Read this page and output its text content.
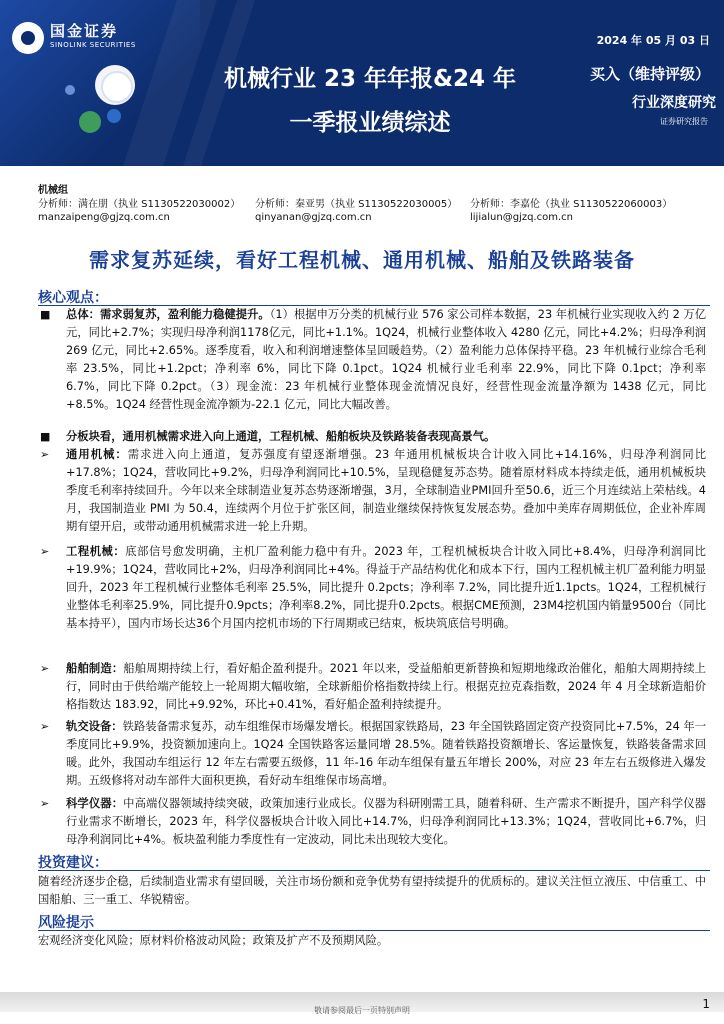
国金证券
SINOLINK SECURITIES
机械行业 23 年年报&24 年
一季报业绩综述
2024 年 05 月 03 日
买入（维持评级）
行业深度研究
证券研究报告
机械组
分析师：满在朋（执业 S1130522030002） 分析师：秦亚男（执业 S1130522030005） 分析师：李嘉伦（执业 S1130522060003）
manzaipeng@gjzq.com.cn	qinyanan@gjzq.com.cn	lijialun@gjzq.com.cn
需求复苏延续，看好工程机械、通用机械、船舶及铁路装备
核心观点：
■ 总体：需求弱复苏，盈利能力稳健提升。（1）根据申万分类的机械行业 576 家公司样本数据，23 年机械行业实现收入约 2 万亿元，同比+2.7%；实现归母净利润1178亿元，同比+1.1%。1Q24，机械行业整体收入 4280 亿元，同比+4.2%；归母净利润 269 亿元，同比+2.65%。逐季度看，收入和利润增速整体呈回暖趋势。（2）盈利能力总体保持平稳。23 年机械行业综合毛利率 23.5%，同比+1.2pct；净利率 6%，同比下降 0.1pct。1Q24 机械行业毛利率 22.9%，同比下降 0.1pct；净利率 6.7%，同比下降 0.2pct。（3）现金流：23 年机械行业整体现金流情况良好，经营性现金流量净额为 1438 亿元，同比+8.5%。1Q24 经营性现金流净额为-22.1 亿元，同比大幅改善。
■ 分板块看，通用机械需求进入向上通道，工程机械、船舶板块及铁路装备表现高景气。
➢ 通用机械：需求进入向上通道，复苏强度有望逐渐增强。23 年通用机械板块合计收入同比+14.16%，归母净利润同比+17.8%；1Q24，营收同比+9.2%，归母净利润同比+10.5%，呈现稳健复苏态势。随着原材料成本持续走低，通用机械板块季度毛利率持续回升。今年以来全球制造业复苏态势逐渐增强，3月，全球制造业PMI回升至50.6，近三个月连续站上荣枯线。4 月，我国制造业 PMI 为 50.4，连续两个月位于扩张区间，制造业继续保持恢复发展态势。叠加中美库存周期低位，企业补库周期有望开启，或带动通用机械需求进一轮上升期。
➢ 工程机械：底部信号愈发明确，主机厂盈利能力稳中有升。2023 年，工程机械板块合计收入同比+8.4%，归母净利润同比+19.9%；1Q24，营收同比+2%，归母净利润同比+4%。得益于产品结构优化和成本下行，国内工程机械主机厂盈利能力明显回升，2023 年工程机械行业整体毛利率 25.5%，同比提升 0.2pcts；净利率 7.2%，同比提升近1.1pcts。1Q24，工程机械行业整体毛利率25.9%，同比提升0.9pcts；净利率8.2%，同比提升0.2pcts。根据CME预测，23M4挖机国内销量9500台（同比基本持平），国内市场长达36个月国内挖机市场的下行周期或已结束，板块筑底信号明确。
➢ 船舶制造：船舶周期持续上行，看好船企盈利提升。2021 年以来，受益船舶更新替换和短期地缘政治催化，船舶大周期持续上行，同时由于供给端产能较上一轮周期大幅收缩，全球新船价格指数持续上行。根据克拉克森指数，2024 年 4 月全球新造船价格指数达 183.92，同比+9.92%，环比+0.41%，看好船企盈利持续提升。
➢ 轨交设备：铁路装备需求复苏，动车组维保市场爆发增长。根据国家铁路局，23 年全国铁路固定资产投资同比+7.5%，24 年一季度同比+9.9%，投资额加速向上。1Q24 全国铁路客运量同增 28.5%。随着铁路投资额增长、客运量恢复，铁路装备需求回暖。此外，我国动车组运行 12 年左右需要五级修，11 年-16 年动车组保有量五年增长 200%，对应 23 年左右五级修进入爆发期。五级修将对动车部件大面积更换，看好动车组维保市场高增。
➢ 科学仪器：中高端仪器领域持续突破，政策加速行业成长。仪器为科研刚需工具，随着科研、生产需求不断提升，国产科学仪器行业需求不断增长，2023 年，科学仪器板块合计收入同比+14.7%，归母净利润同比+13.3%；1Q24，营收同比+6.7%，归母净利润同比+4%。板块盈利能力季度性有一定波动，同比未出现较大变化。
投资建议：
随着经济逐步企稳，后续制造业需求有望回暖，关注市场份额和竞争优势有望持续提升的优质标的。建议关注恒立液压、中信重工、中国船舶、三一重工、华锐精密。
风险提示
宏观经济变化风险；原材料价格波动风险；政策及扩产不及预期风险。
敬请参阅最后一页特别声明	1
